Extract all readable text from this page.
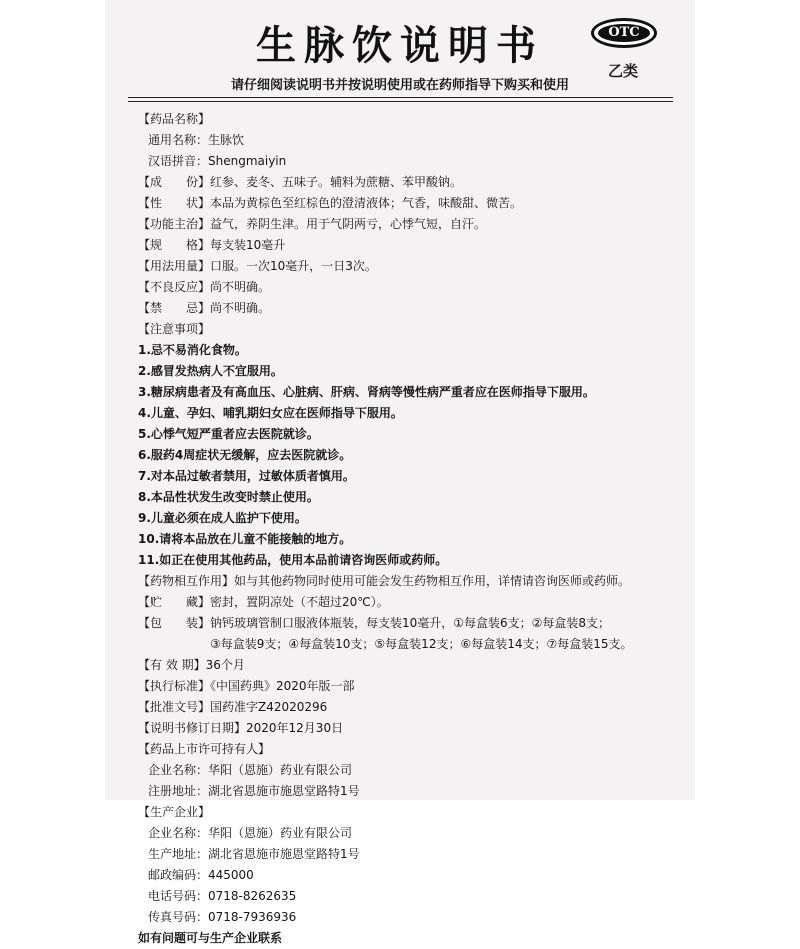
生脉饮说明书	OTC
乙类
请仔细阅读说明书并按说明使用或在药师指导下购买和使用
【药品名称】
通用名称：生脉饮
汉语拼音：Shengmaiyin
【成　　份】红参、麦冬、五味子。辅料为蔗糖、苯甲酸钠。
【性　　状】本品为黄棕色至红棕色的澄清液体；气香，味酸甜、微苦。
【功能主治】益气，养阴生津。用于气阴两亏，心悸气短，自汗。
【规　　格】每支装10毫升
【用法用量】口服。一次10毫升，一日3次。
【不良反应】尚不明确。
【禁　　忌】尚不明确。
【注意事项】
1.忌不易消化食物。
2.感冒发热病人不宜服用。
3.糖尿病患者及有高血压、心脏病、肝病、肾病等慢性病严重者应在医师指导下服用。
4.儿童、孕妇、哺乳期妇女应在医师指导下服用。
5.心悸气短严重者应去医院就诊。
6.服药4周症状无缓解，应去医院就诊。
7.对本品过敏者禁用，过敏体质者慎用。
8.本品性状发生改变时禁止使用。
9.儿童必须在成人监护下使用。
10.请将本品放在儿童不能接触的地方。
11.如正在使用其他药品，使用本品前请咨询医师或药师。
【药物相互作用】如与其他药物同时使用可能会发生药物相互作用，详情请咨询医师或药师。
【贮　　藏】密封，置阴凉处（不超过20℃）。
【包　　装】钠钙玻璃管制口服液体瓶装，每支装10毫升，①每盒装6支；②每盒装8支；
③每盒装9支；④每盒装10支；⑤每盒装12支；⑥每盒装14支；⑦每盒装15支。
【有 效 期】36个月
【执行标准】《中国药典》2020年版一部
【批准文号】国药准字Z42020296
【说明书修订日期】2020年12月30日
【药品上市许可持有人】
企业名称：华阳（恩施）药业有限公司
注册地址：湖北省恩施市施恩堂路特1号
【生产企业】
企业名称：华阳（恩施）药业有限公司
生产地址：湖北省恩施市施恩堂路特1号
邮政编码：445000
电话号码：0718-8262635
传真号码：0718-7936936
如有问题可与生产企业联系
